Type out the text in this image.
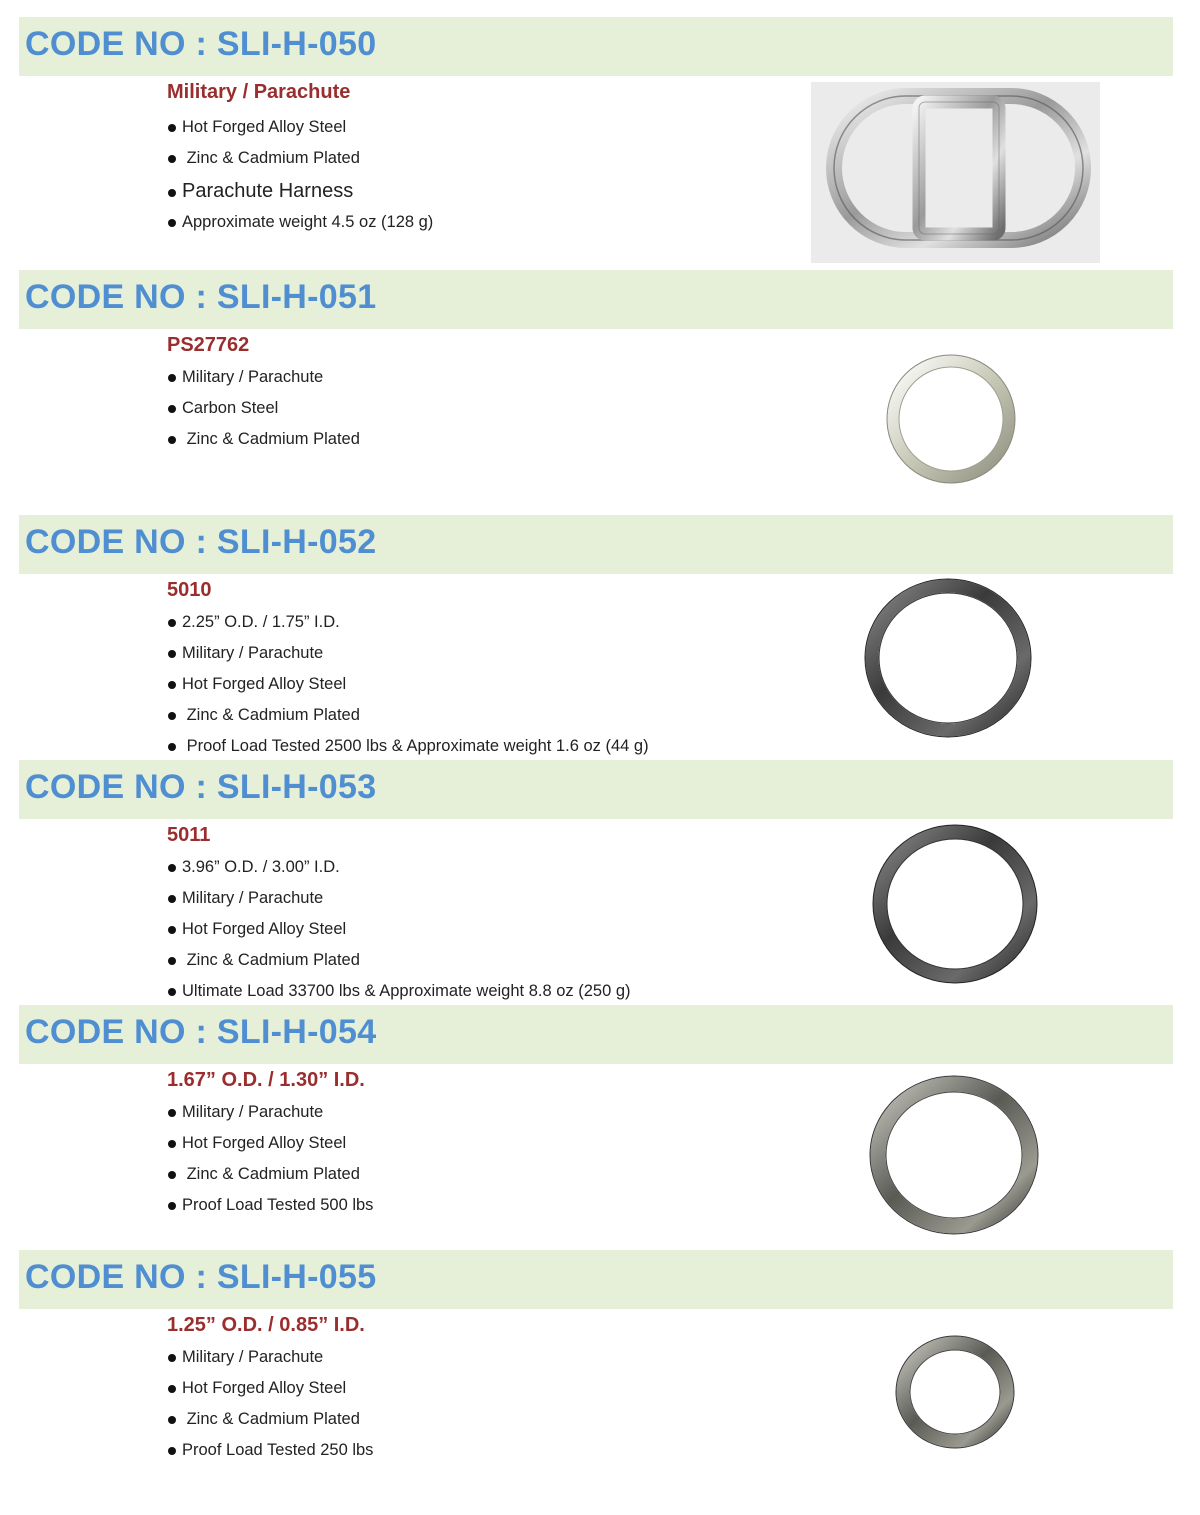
CODE NO : SLI-H-050
Military / Parachute
Hot Forged Alloy Steel
Zinc & Cadmium Plated
Parachute Harness
Approximate weight 4.5 oz (128 g)
CODE NO : SLI-H-051
PS27762
Military / Parachute
Carbon Steel
Zinc & Cadmium Plated
CODE NO : SLI-H-052
5010
2.25” O.D. / 1.75” I.D.
Military / Parachute
Hot Forged Alloy Steel
Zinc & Cadmium Plated
Proof Load Tested 2500 lbs & Approximate weight 1.6 oz (44 g)
CODE NO : SLI-H-053
5011
3.96” O.D. / 3.00” I.D.
Military / Parachute
Hot Forged Alloy Steel
Zinc & Cadmium Plated
Ultimate Load 33700 lbs & Approximate weight 8.8 oz (250 g)
CODE NO : SLI-H-054
1.67” O.D. / 1.30” I.D.
Military / Parachute
Hot Forged Alloy Steel
Zinc & Cadmium Plated
Proof Load Tested 500 lbs
CODE NO : SLI-H-055
1.25” O.D. / 0.85” I.D.
Military / Parachute
Hot Forged Alloy Steel
Zinc & Cadmium Plated
Proof Load Tested 250 lbs
